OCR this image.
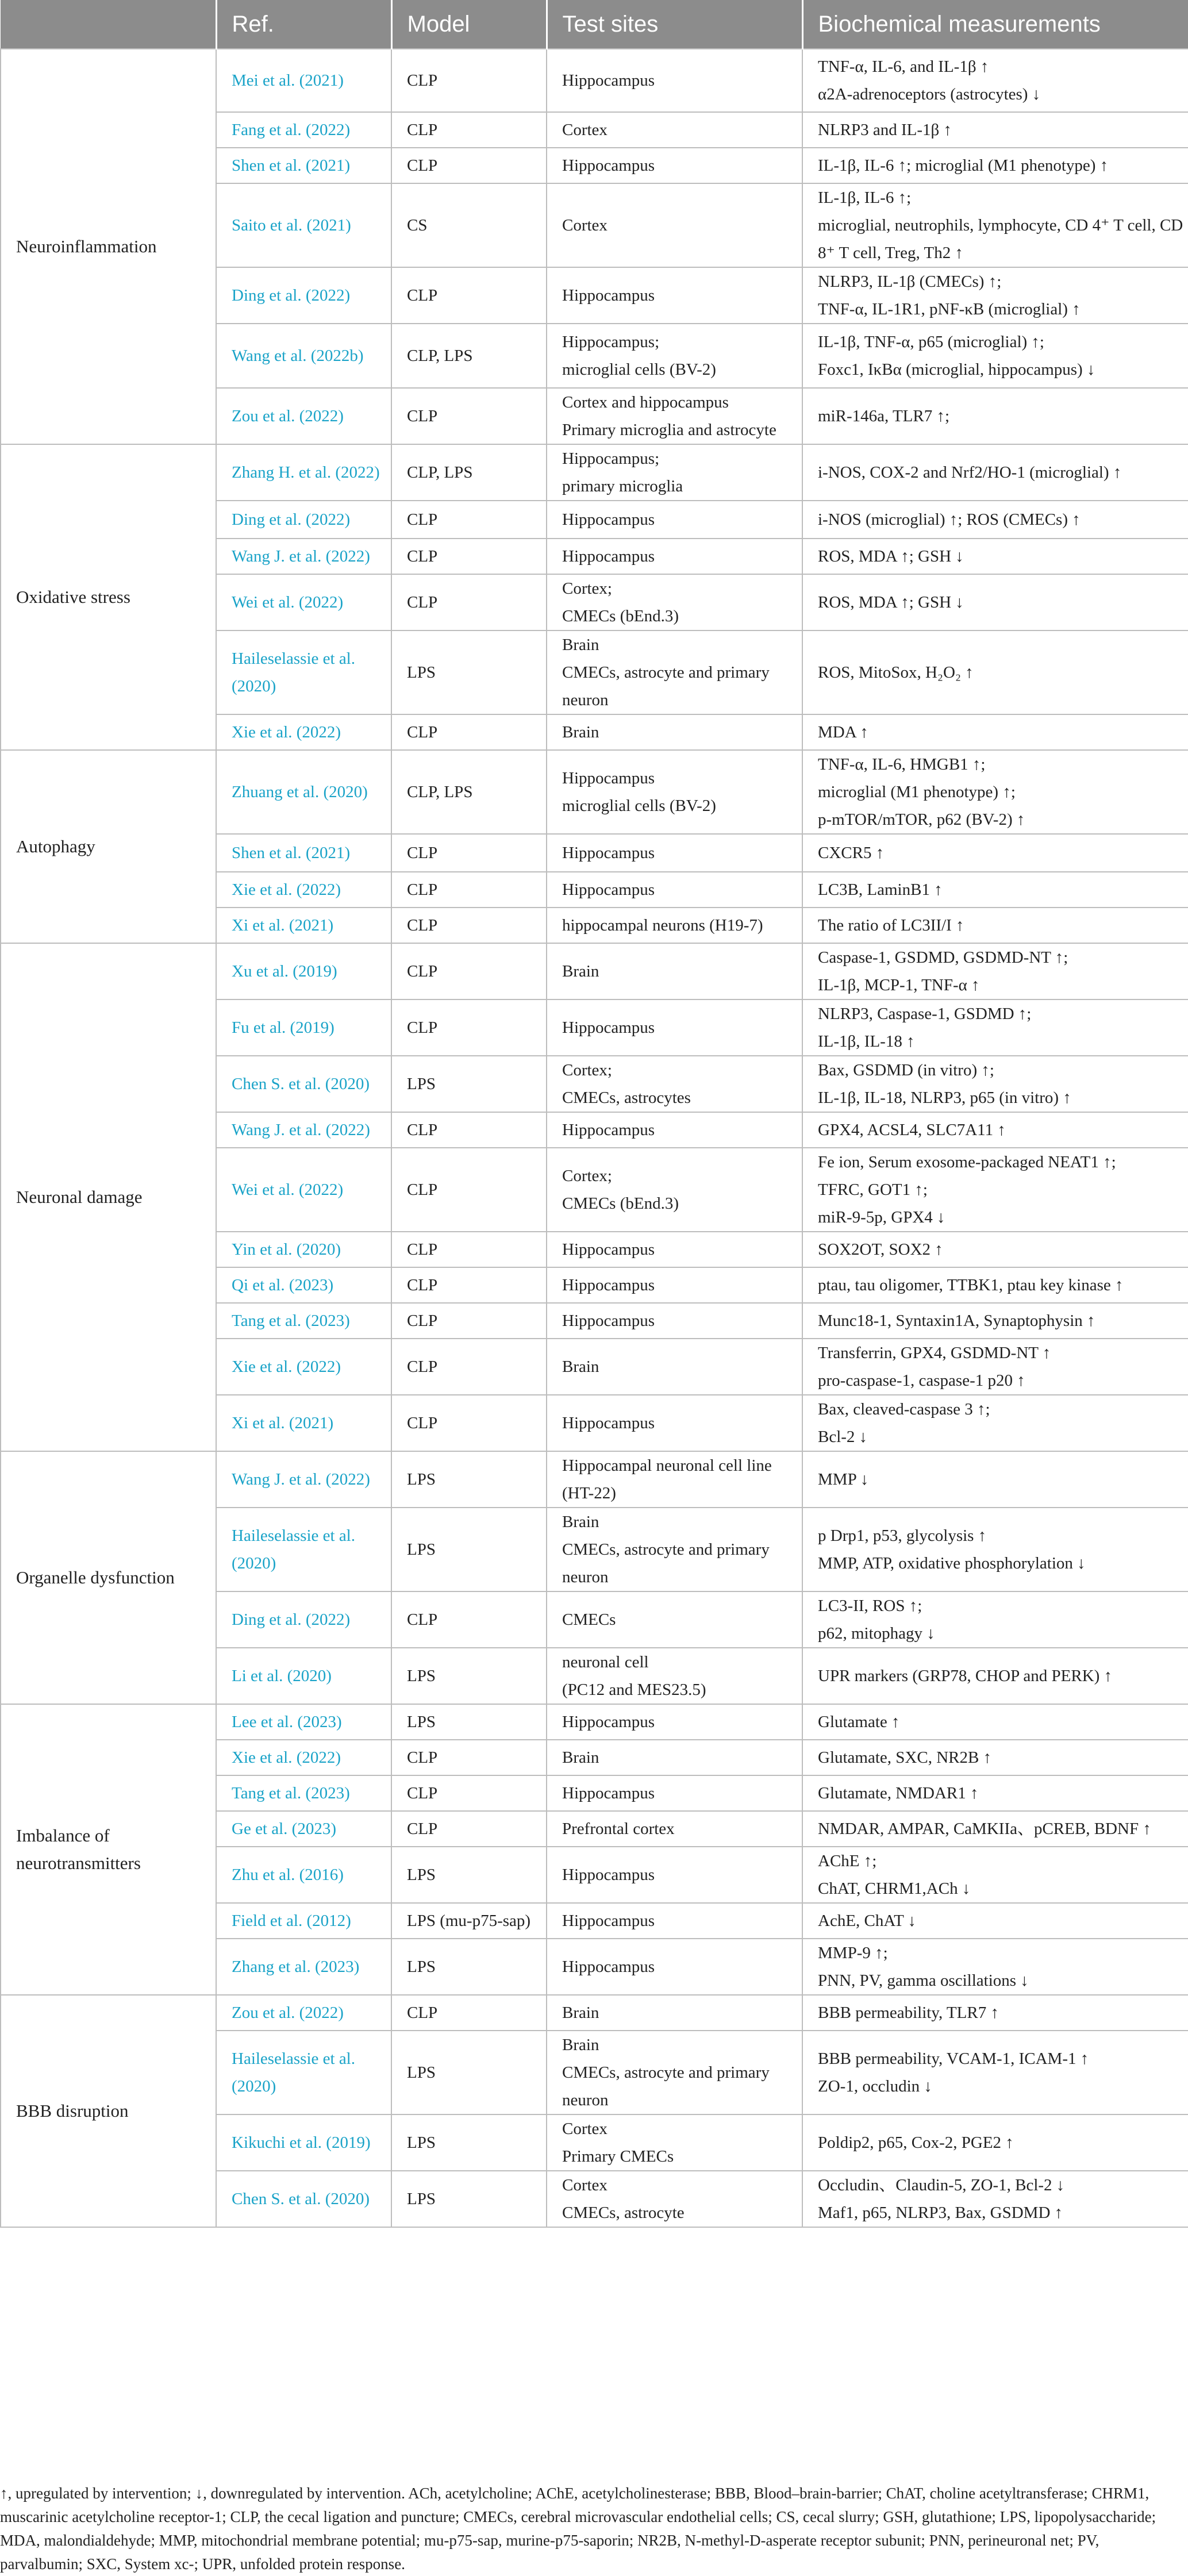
	Ref.	Model	Test sites	Biochemical measurements
Neuroinflammation	Mei et al. (2021)	CLP	Hippocampus	TNF-α, IL-6, and IL-1β ↑
α2A-adrenoceptors (astrocytes) ↓

	Fang et al. (2022)	CLP	Cortex	NLRP3 and IL-1β ↑

	Shen et al. (2021)	CLP	Hippocampus	IL-1β, IL-6 ↑; microglial (M1 phenotype) ↑

	Saito et al. (2021)	CS	Cortex	IL-1β, IL-6 ↑;
microglial, neutrophils, lymphocyte, CD 4⁺ T cell, CD
8⁺ T cell, Treg, Th2 ↑

	Ding et al. (2022)	CLP	Hippocampus	NLRP3, IL-1β (CMECs) ↑;
TNF-α, IL-1R1, pNF-κB (microglial) ↑

	Wang et al. (2022b)	CLP, LPS	Hippocampus;
microglial cells (BV-2)	IL-1β, TNF-α, p65 (microglial) ↑;
Foxc1, IκBα (microglial, hippocampus) ↓

	Zou et al. (2022)	CLP	Cortex and hippocampus
Primary microglia and astrocyte	miR-146a, TLR7 ↑;

Oxidative stress	Zhang H. et al. (2022)	CLP, LPS	Hippocampus;
primary microglia	i-NOS, COX-2 and Nrf2/HO-1 (microglial) ↑

	Ding et al. (2022)	CLP	Hippocampus	i-NOS (microglial) ↑; ROS (CMECs) ↑

	Wang J. et al. (2022)	CLP	Hippocampus	ROS, MDA ↑; GSH ↓

	Wei et al. (2022)	CLP	Cortex;
CMECs (bEnd.3)	ROS, MDA ↑; GSH ↓

	Haileselassie et al. (2020)	LPS	Brain
CMECs, astrocyte and primary
neuron	ROS, MitoSox, H₂O₂ ↑

	Xie et al. (2022)	CLP	Brain	MDA ↑

Autophagy	Zhuang et al. (2020)	CLP, LPS	Hippocampus
microglial cells (BV-2)	TNF-α, IL-6, HMGB1 ↑;
microglial (M1 phenotype) ↑;
p-mTOR/mTOR, p62 (BV-2) ↑

	Shen et al. (2021)	CLP	Hippocampus	CXCR5 ↑

	Xie et al. (2022)	CLP	Hippocampus	LC3B, LaminB1 ↑

	Xi et al. (2021)	CLP	hippocampal neurons (H19-7)	The ratio of LC3II/I ↑

Neuronal damage	Xu et al. (2019)	CLP	Brain	Caspase-1, GSDMD, GSDMD-NT ↑;
IL-1β, MCP-1, TNF-α ↑

	Fu et al. (2019)	CLP	Hippocampus	NLRP3, Caspase-1, GSDMD ↑;
IL-1β, IL-18 ↑

	Chen S. et al. (2020)	LPS	Cortex;
CMECs, astrocytes	Bax, GSDMD (in vitro) ↑;
IL-1β, IL-18, NLRP3, p65 (in vitro) ↑

	Wang J. et al. (2022)	CLP	Hippocampus	GPX4, ACSL4, SLC7A11 ↑

	Wei et al. (2022)	CLP	Cortex;
CMECs (bEnd.3)	Fe ion, Serum exosome-packaged NEAT1 ↑;
TFRC, GOT1 ↑;
miR-9-5p, GPX4 ↓

	Yin et al. (2020)	CLP	Hippocampus	SOX2OT, SOX2 ↑

	Qi et al. (2023)	CLP	Hippocampus	ptau, tau oligomer, TTBK1, ptau key kinase ↑

	Tang et al. (2023)	CLP	Hippocampus	Munc18-1, Syntaxin1A, Synaptophysin ↑

	Xie et al. (2022)	CLP	Brain	Transferrin, GPX4, GSDMD-NT ↑
pro-caspase-1, caspase-1 p20 ↑

	Xi et al. (2021)	CLP	Hippocampus	Bax, cleaved-caspase 3 ↑;
Bcl-2 ↓

Organelle dysfunction	Wang J. et al. (2022)	LPS	Hippocampal neuronal cell line
(HT-22)	MMP ↓

	Haileselassie et al. (2020)	LPS	Brain
CMECs, astrocyte and primary
neuron	p Drp1, p53, glycolysis ↑
MMP, ATP, oxidative phosphorylation ↓

	Ding et al. (2022)	CLP	CMECs	LC3-II, ROS ↑;
p62, mitophagy ↓

	Li et al. (2020)	LPS	neuronal cell
(PC12 and MES23.5)	UPR markers (GRP78, CHOP and PERK) ↑

Imbalance of neurotransmitters	Lee et al. (2023)	LPS	Hippocampus	Glutamate ↑

	Xie et al. (2022)	CLP	Brain	Glutamate, SXC, NR2B ↑

	Tang et al. (2023)	CLP	Hippocampus	Glutamate, NMDAR1 ↑

	Ge et al. (2023)	CLP	Prefrontal cortex	NMDAR, AMPAR, CaMKIIa、pCREB, BDNF ↑

	Zhu et al. (2016)	LPS	Hippocampus	AChE ↑;
ChAT, CHRM1,ACh ↓

	Field et al. (2012)	LPS (mu-p75-sap)	Hippocampus	AchE, ChAT ↓

	Zhang et al. (2023)	LPS	Hippocampus	MMP-9 ↑;
PNN, PV, gamma oscillations ↓

BBB disruption	Zou et al. (2022)	CLP	Brain	BBB permeability, TLR7 ↑

	Haileselassie et al. (2020)	LPS	Brain
CMECs, astrocyte and primary
neuron	BBB permeability, VCAM-1, ICAM-1 ↑
ZO-1, occludin ↓

	Kikuchi et al. (2019)	LPS	Cortex
Primary CMECs	Poldip2, p65, Cox-2, PGE2 ↑

	Chen S. et al. (2020)	LPS	Cortex
CMECs, astrocyte	Occludin、Claudin-5, ZO-1, Bcl-2 ↓
Maf1, p65, NLRP3, Bax, GSDMD ↑
↑, upregulated by intervention; ↓, downregulated by intervention. ACh, acetylcholine; AChE, acetylcholinesterase; BBB, Blood–brain-barrier; ChAT, choline acetyltransferase; CHRM1, muscarinic acetylcholine receptor-1; CLP, the cecal ligation and puncture; CMECs, cerebral microvascular endothelial cells; CS, cecal slurry; GSH, glutathione; LPS, lipopolysaccharide; MDA, malondialdehyde; MMP, mitochondrial membrane potential; mu-p75-sap, murine-p75-saporin; NR2B, N-methyl-D-asperate receptor subunit; PNN, perineuronal net; PV, parvalbumin; SXC, System xc-; UPR, unfolded protein response.
